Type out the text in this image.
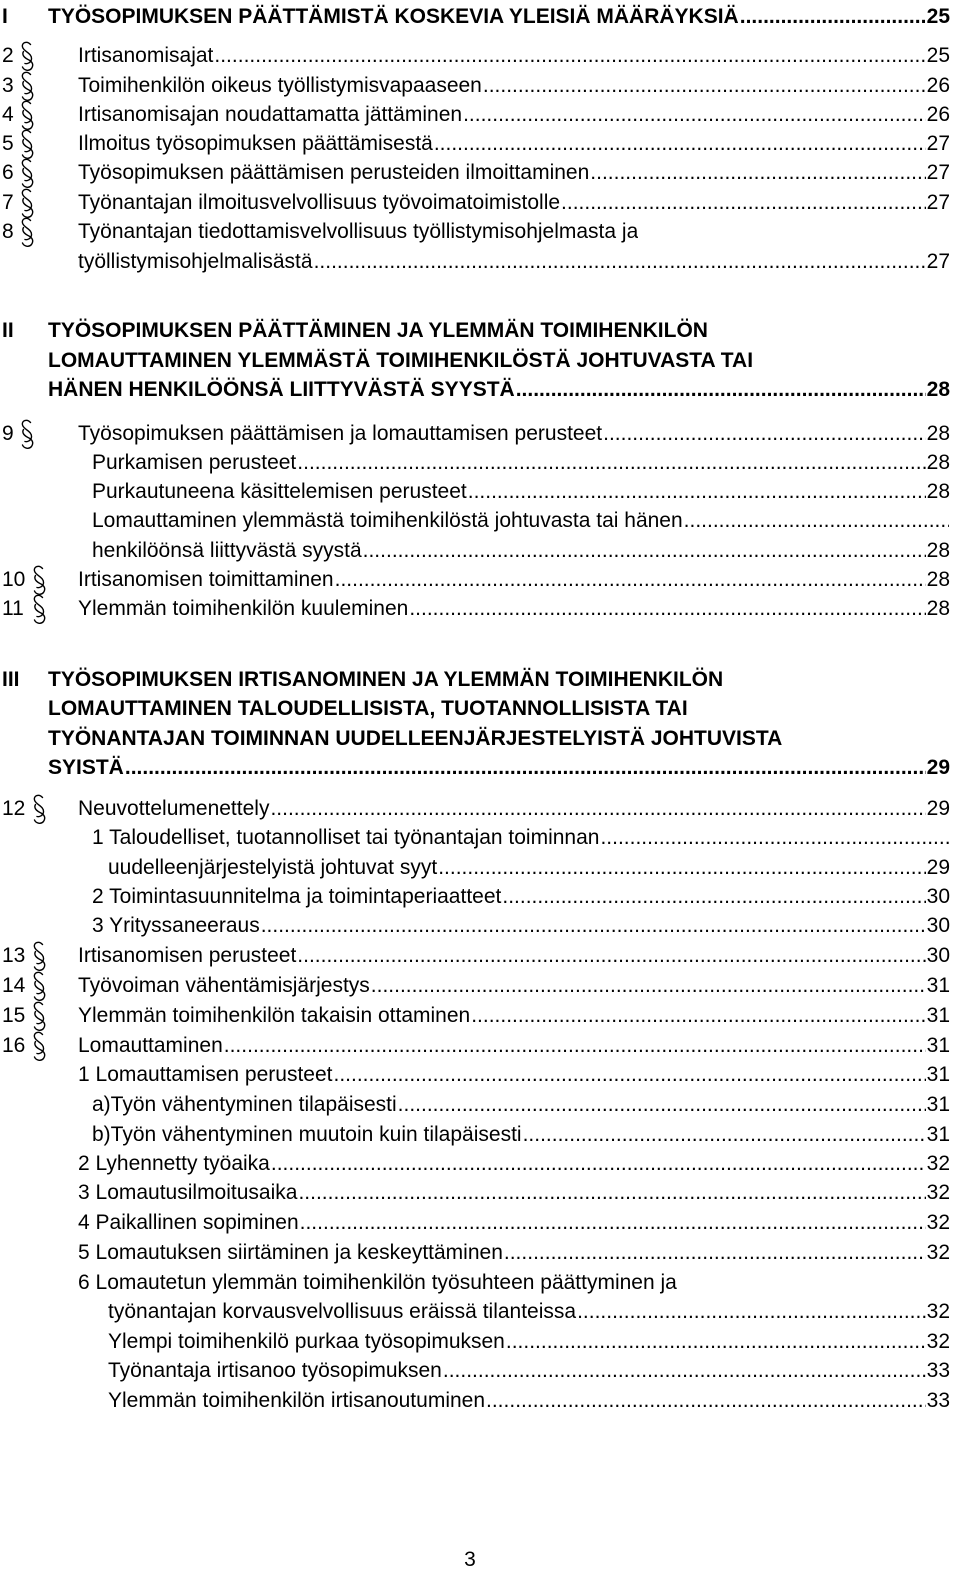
I TYÖSOPIMUKSEN PÄÄTTÄMISTÄ KOSKEVIA YLEISIÄ MÄÄRÄYKSIÄ .....	25
2	Irtisanomisajat .....	25
3	Toimihenkilön oikeus työllistymisvapaaseen .....	26
4	Irtisanomisajan noudattamatta jättäminen .....	26
5	Ilmoitus työsopimuksen päättämisestä .....	27
6	Työsopimuksen päättämisen perusteiden ilmoittaminen .....	27
7	Työnantajan ilmoitusvelvollisuus työvoimatoimistolle .....	27
8	Työnantajan tiedottamisvelvollisuus työllistymisohjelmasta ja
työllistymisohjelmalisästä .....	27
II TYÖSOPIMUKSEN PÄÄTTÄMINEN JA YLEMMÄN TOIMIHENKILÖN
LOMAUTTAMINEN YLEMMÄSTÄ TOIMIHENKILÖSTÄ JOHTUVASTA TAI
HÄNEN HENKILÖÖNSÄ LIITTYVÄSTÄ SYYSTÄ .....	28
9	Työsopimuksen päättämisen ja lomauttamisen perusteet .....	28
Purkamisen perusteet .....	28
Purkautuneena käsittelemisen perusteet .....	28
Lomauttaminen ylemmästä toimihenkilöstä johtuvasta tai hänen
.....
henkilöönsä liittyvästä syystä .....	28
10	Irtisanomisen toimittaminen .....	28
11	Ylemmän toimihenkilön kuuleminen .....	28
III TYÖSOPIMUKSEN IRTISANOMINEN JA YLEMMÄN TOIMIHENKILÖN
LOMAUTTAMINEN TALOUDELLISISTA, TUOTANNOLLISISTA TAI
TYÖNANTAJAN TOIMINNAN UUDELLEENJÄRJESTELYISTÄ JOHTUVISTA
SYISTÄ .....	29
12	Neuvottelumenettely .....	29
1 Taloudelliset, tuotannolliset tai työnantajan toiminnan
.....
uudelleenjärjestelyistä johtuvat syyt .....	29
2 Toimintasuunnitelma ja toimintaperiaatteet .....	30
3 Yrityssaneeraus .....	30
13	Irtisanomisen perusteet .....	30
14	Työvoiman vähentämisjärjestys .....	31
15	Ylemmän toimihenkilön takaisin ottaminen .....	31
16	Lomauttaminen .....	31
1 Lomauttamisen perusteet .....	31
a)Työn vähentyminen tilapäisesti .....	31
b)Työn vähentyminen muutoin kuin tilapäisesti .....	31
2 Lyhennetty työaika .....	32
3 Lomautusilmoitusaika .....	32
4 Paikallinen sopiminen .....	32
5 Lomautuksen siirtäminen ja keskeyttäminen .....	32
6 Lomautetun ylemmän toimihenkilön työsuhteen päättyminen ja
työnantajan korvausvelvollisuus eräissä tilanteissa .....	32
Ylempi toimihenkilö purkaa työsopimuksen .....	32
Työnantaja irtisanoo työsopimuksen .....	33
Ylemmän toimihenkilön irtisanoutuminen .....	33
3
